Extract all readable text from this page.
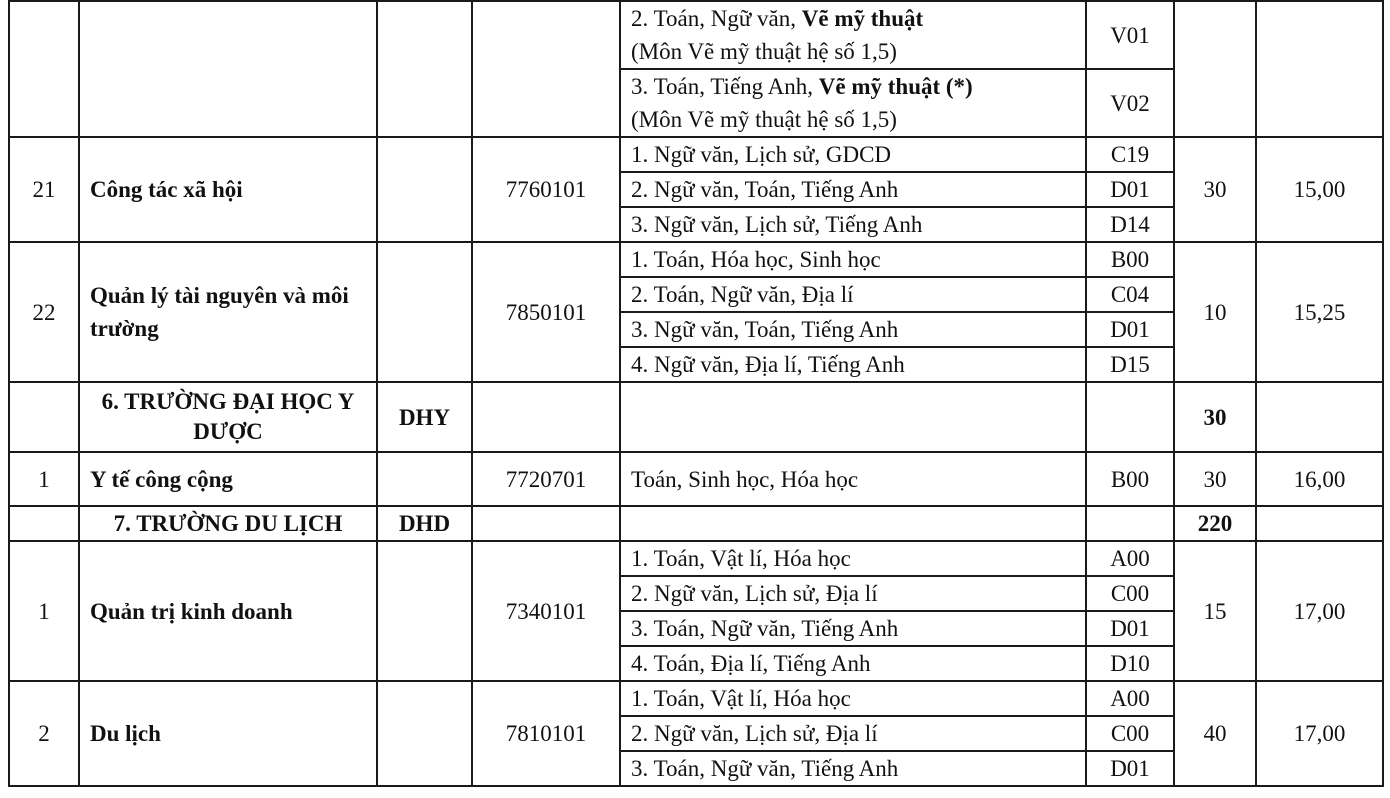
				2. Toán, Ngữ văn, Vẽ mỹ thuật
(Môn Vẽ mỹ thuật hệ số 1,5)	V01		

				3. Toán, Tiếng Anh, Vẽ mỹ thuật (*)
(Môn Vẽ mỹ thuật hệ số 1,5)	V02		
21	Công tác xã hội		7760101	1. Ngữ văn, Lịch sử, GDCD	C19	30	15,00
				2. Ngữ văn, Toán, Tiếng Anh	D01		
				3. Ngữ văn, Lịch sử, Tiếng Anh	D14		
22	Quản lý tài nguyên và môi trường		7850101	1. Toán, Hóa học, Sinh học	B00	10	15,25
				2. Toán, Ngữ văn, Địa lí	C04		
				3. Ngữ văn, Toán, Tiếng Anh	D01		
				4. Ngữ văn, Địa lí, Tiếng Anh	D15		
	6. TRƯỜNG ĐẠI HỌC Y DƯỢC	DHY				30	
1	Y tế công cộng		7720701	Toán, Sinh học, Hóa học	B00	30	16,00
	7. TRƯỜNG DU LỊCH	DHD				220	
1	Quản trị kinh doanh		7340101	1. Toán, Vật lí, Hóa học	A00	15	17,00
				2. Ngữ văn, Lịch sử, Địa lí	C00		
				3. Toán, Ngữ văn, Tiếng Anh	D01		
				4. Toán, Địa lí, Tiếng Anh	D10		
2	Du lịch		7810101	1. Toán, Vật lí, Hóa học	A00	40	17,00
				2. Ngữ văn, Lịch sử, Địa lí	C00		
				3. Toán, Ngữ văn, Tiếng Anh	D01		
